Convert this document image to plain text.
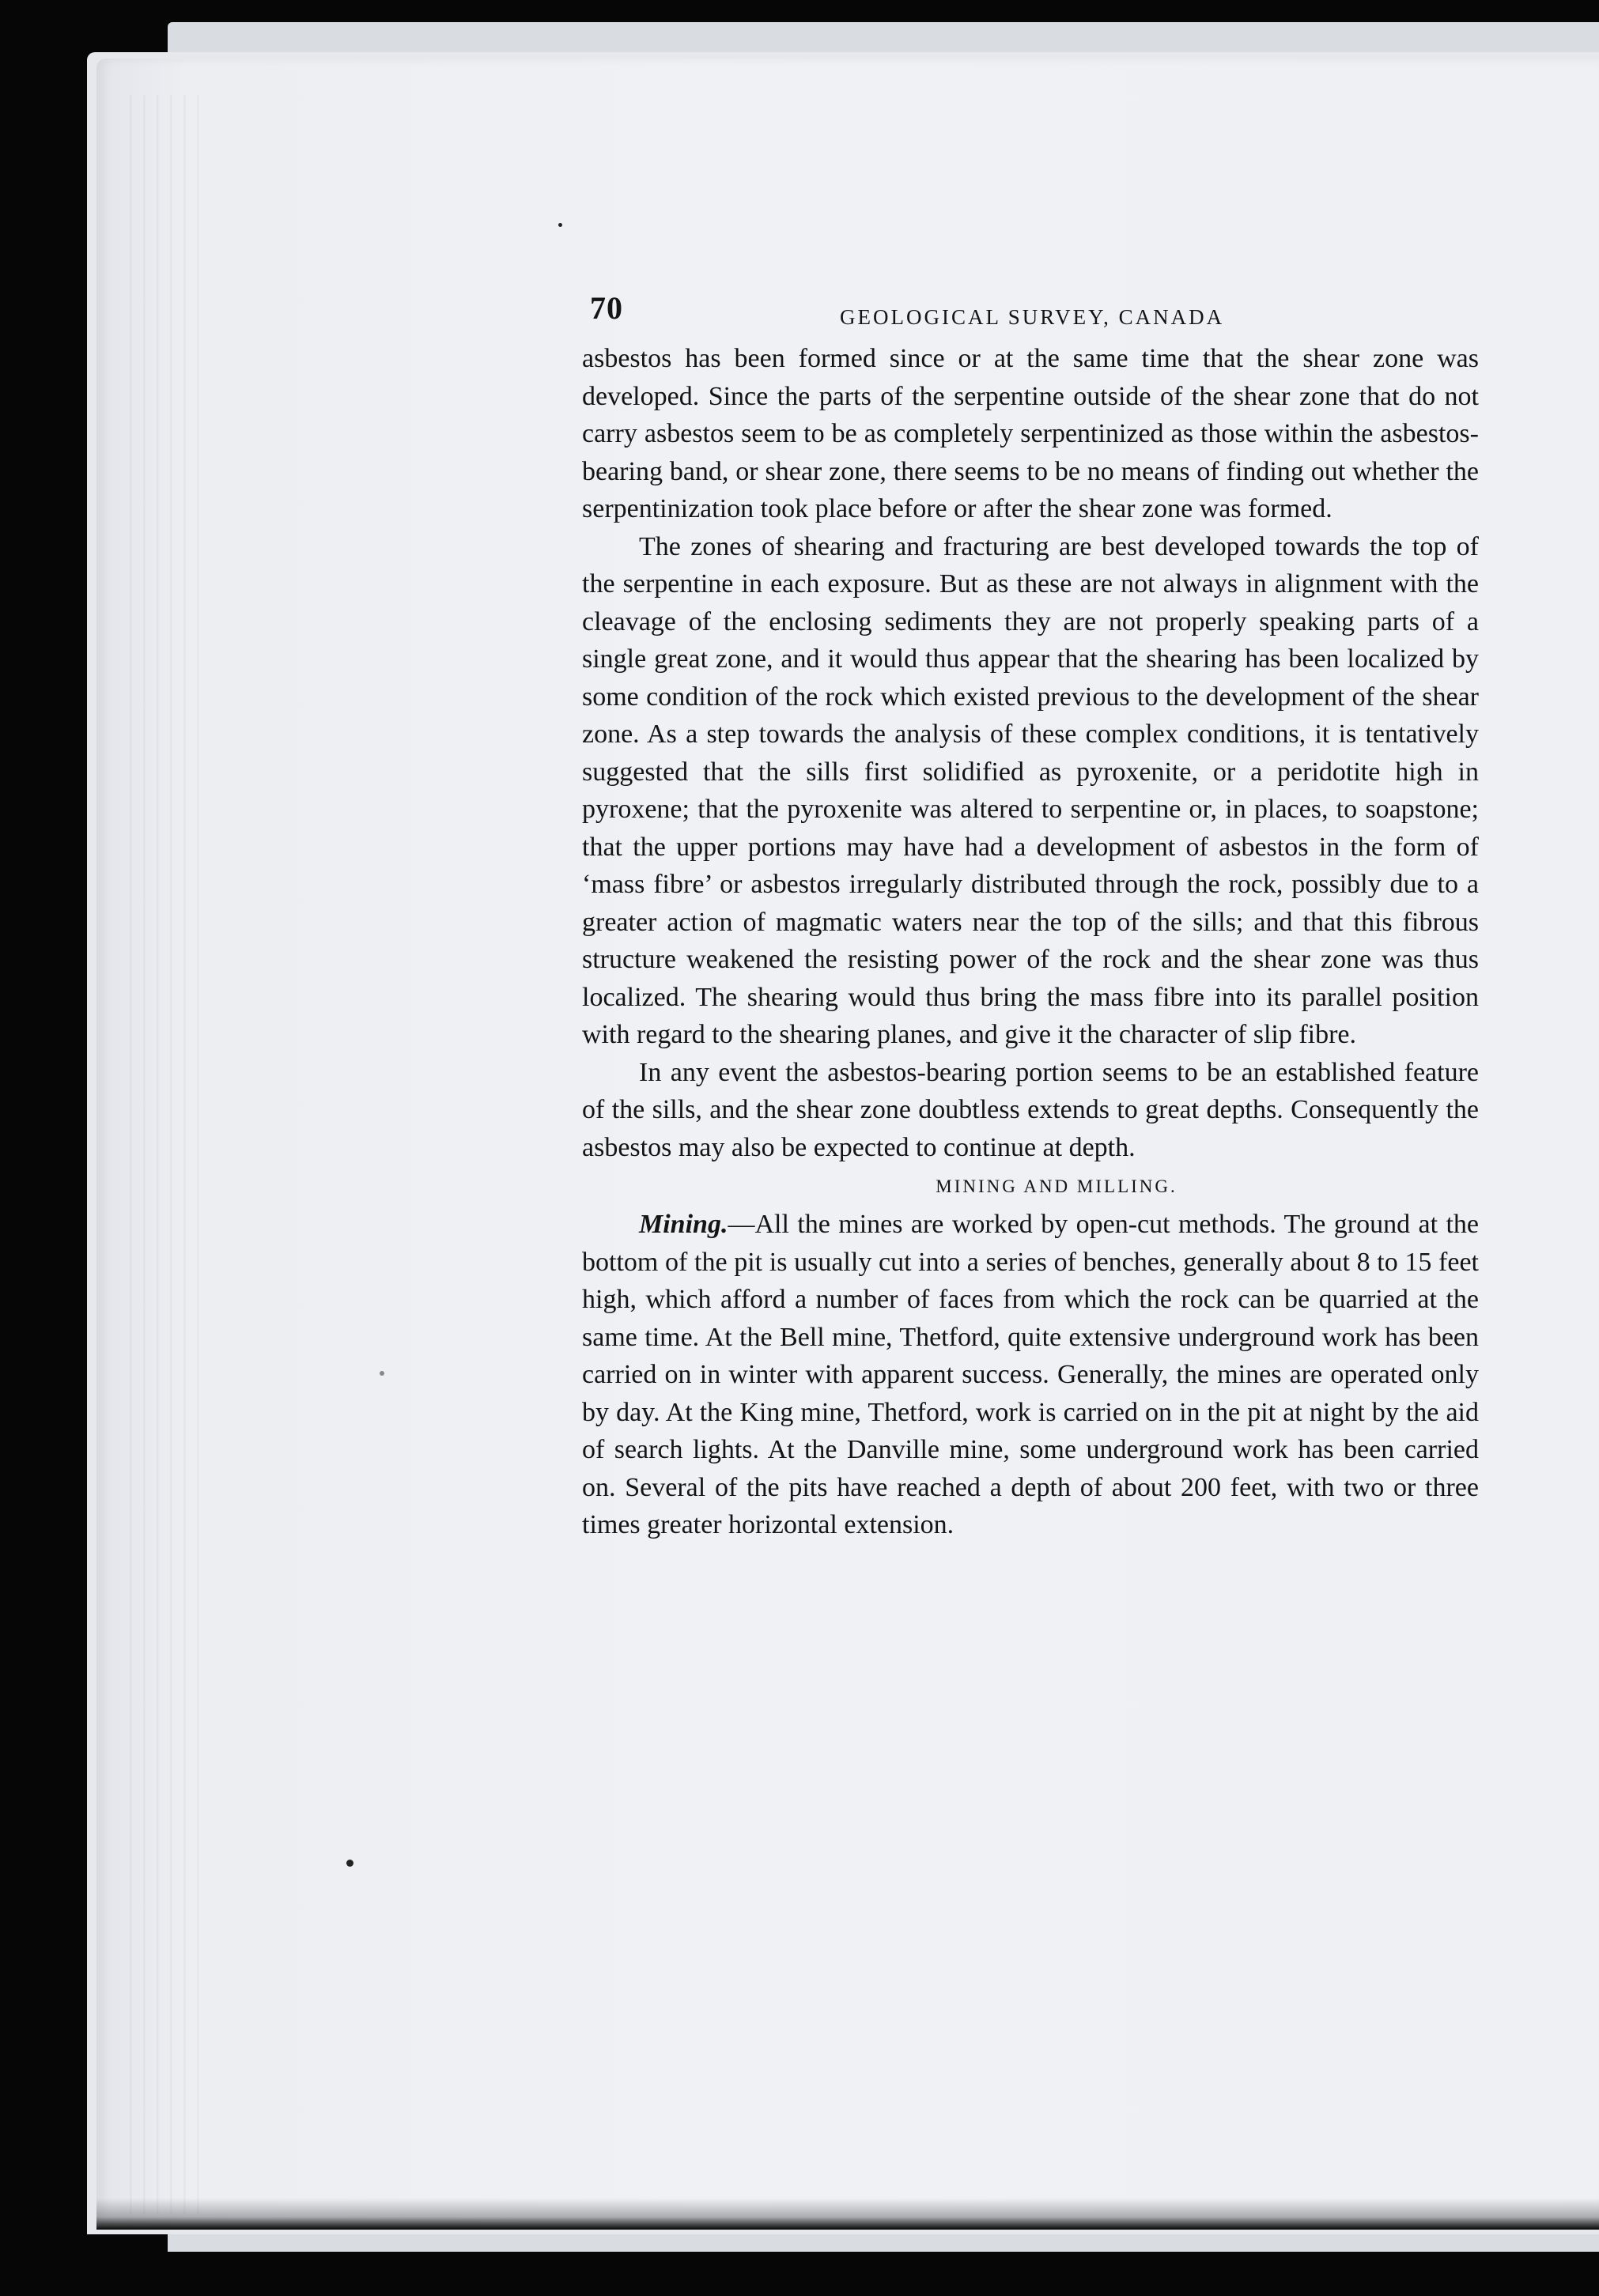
70	GEOLOGICAL SURVEY, CANADA

asbestos has been formed since or at the same time that the shear zone was developed. Since the parts of the serpentine outside of the shear zone that do not carry asbestos seem to be as completely serpentinized as those within the asbestos-bearing band, or shear zone, there seems to be no means of finding out whether the serpentinization took place before or after the shear zone was formed.

The zones of shearing and fracturing are best developed towards the top of the serpentine in each exposure. But as these are not always in alignment with the cleavage of the enclosing sediments they are not properly speaking parts of a single great zone, and it would thus appear that the shearing has been localized by some condition of the rock which existed previous to the development of the shear zone. As a step towards the analysis of these complex conditions, it is tentatively suggested that the sills first solidified as pyroxenite, or a peridotite high in pyroxene; that the pyroxenite was altered to serpentine or, in places, to soapstone; that the upper portions may have had a development of asbestos in the form of ‘mass fibre’ or asbestos irregularly distributed through the rock, possibly due to a greater action of magmatic waters near the top of the sills; and that this fibrous structure weakened the resisting power of the rock and the shear zone was thus localized. The shearing would thus bring the mass fibre into its parallel position with regard to the shearing planes, and give it the character of slip fibre.

In any event the asbestos-bearing portion seems to be an established feature of the sills, and the shear zone doubtless extends to great depths. Consequently the asbestos may also be expected to continue at depth.

MINING AND MILLING.

Mining.—All the mines are worked by open-cut methods. The ground at the bottom of the pit is usually cut into a series of benches, generally about 8 to 15 feet high, which afford a number of faces from which the rock can be quarried at the same time. At the Bell mine, Thetford, quite extensive underground work has been carried on in winter with apparent success. Generally, the mines are operated only by day. At the King mine, Thetford, work is carried on in the pit at night by the aid of search lights. At the Danville mine, some underground work has been carried on. Several of the pits have reached a depth of about 200 feet, with two or three times greater horizontal extension.
